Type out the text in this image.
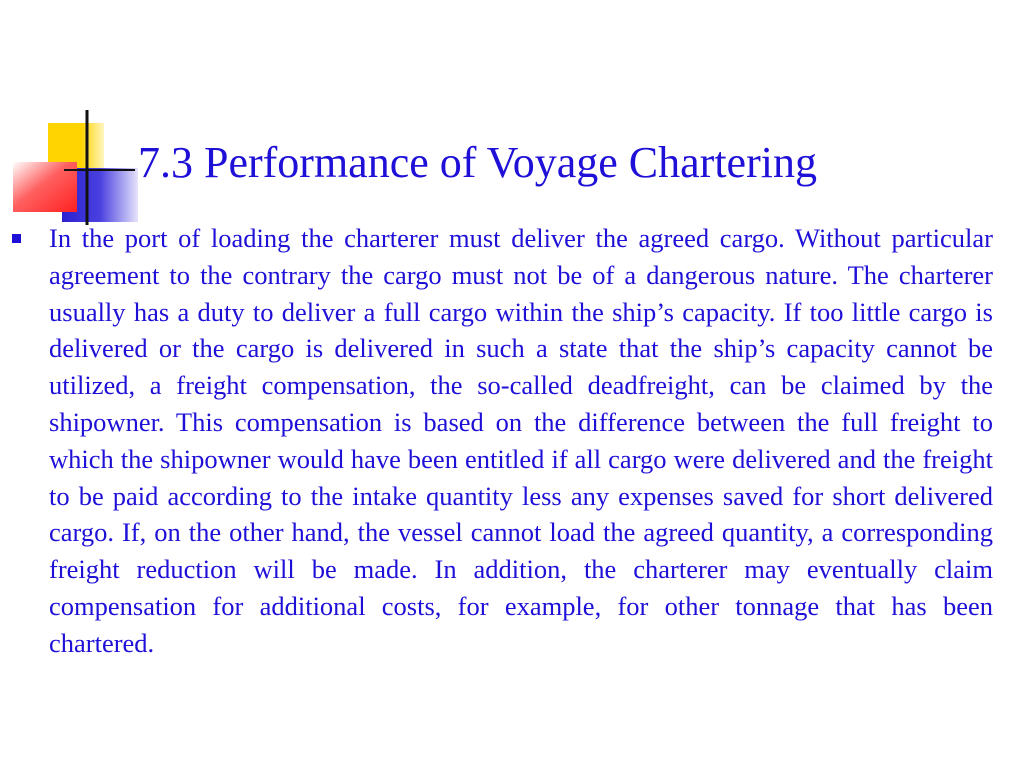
7.3 Performance of Voyage Chartering

In the port of loading the charterer must deliver the agreed cargo. Without particular agreement to the contrary the cargo must not be of a dangerous nature. The charterer usually has a duty to deliver a full cargo within the ship’s capacity. If too little cargo is delivered or the cargo is delivered in such a state that the ship’s capacity cannot be utilized, a freight compensation, the so-called deadfreight, can be claimed by the shipowner. This compensation is based on the difference between the full freight to which the shipowner would have been entitled if all cargo were delivered and the freight to be paid according to the intake quantity less any expenses saved for short delivered cargo. If, on the other hand, the vessel cannot load the agreed quantity, a corresponding freight reduction will be made. In addition, the charterer may eventually claim compensation for additional costs, for example, for other tonnage that has been chartered.
